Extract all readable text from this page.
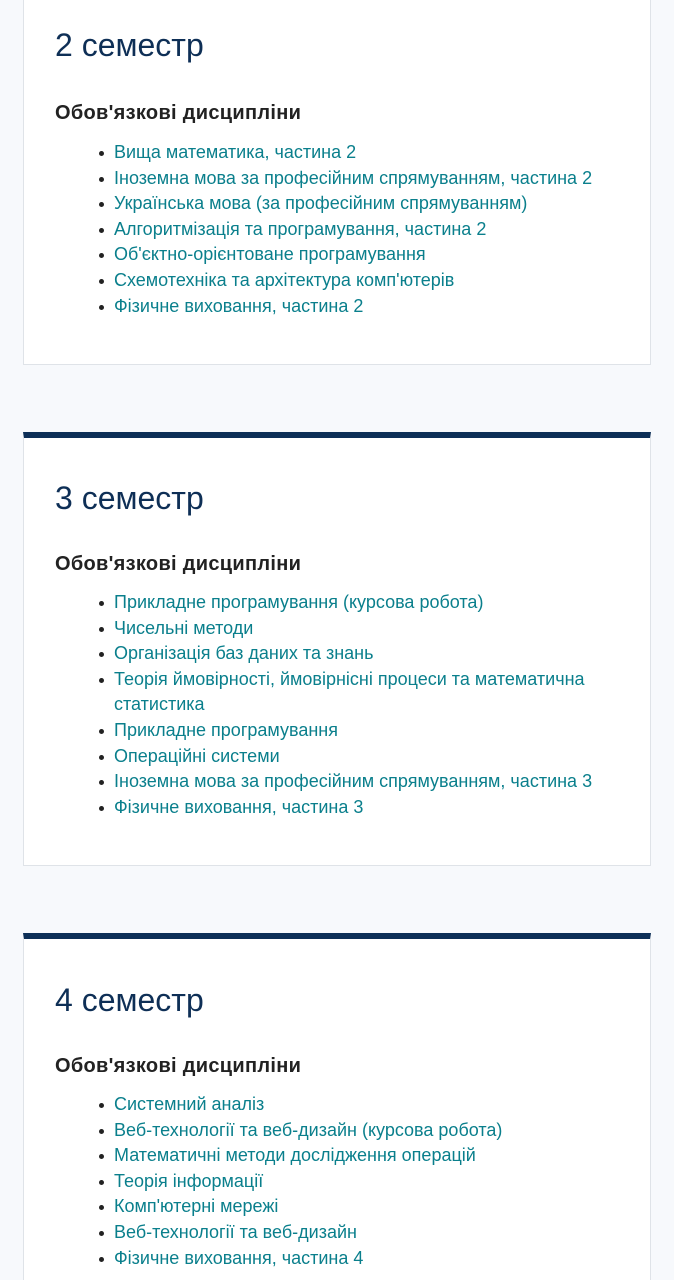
2 семестр
Обов'язкові дисципліни
Вища математика, частина 2
Іноземна мова за професійним спрямуванням, частина 2
Українська мова (за професійним спрямуванням)
Алгоритмізація та програмування, частина 2
Об'єктно-орієнтоване програмування
Схемотехніка та архітектура комп'ютерів
Фізичне виховання, частина 2
3 семестр
Обов'язкові дисципліни
Прикладне програмування (курсова робота)
Чисельні методи
Організація баз даних та знань
Теорія ймовірностi, ймовірнісні процеси та математична статистика
Прикладне програмування
Операційні системи
Іноземна мова за професійним спрямуванням, частина 3
Фізичне виховання, частина 3
4 семестр
Обов'язкові дисципліни
Системний аналіз
Веб-технології та веб-дизайн (курсова робота)
Математичні методи дослідження операцій
Теорія інформації
Комп'ютерні мережі
Веб-технології та веб-дизайн
Фізичне виховання, частина 4
